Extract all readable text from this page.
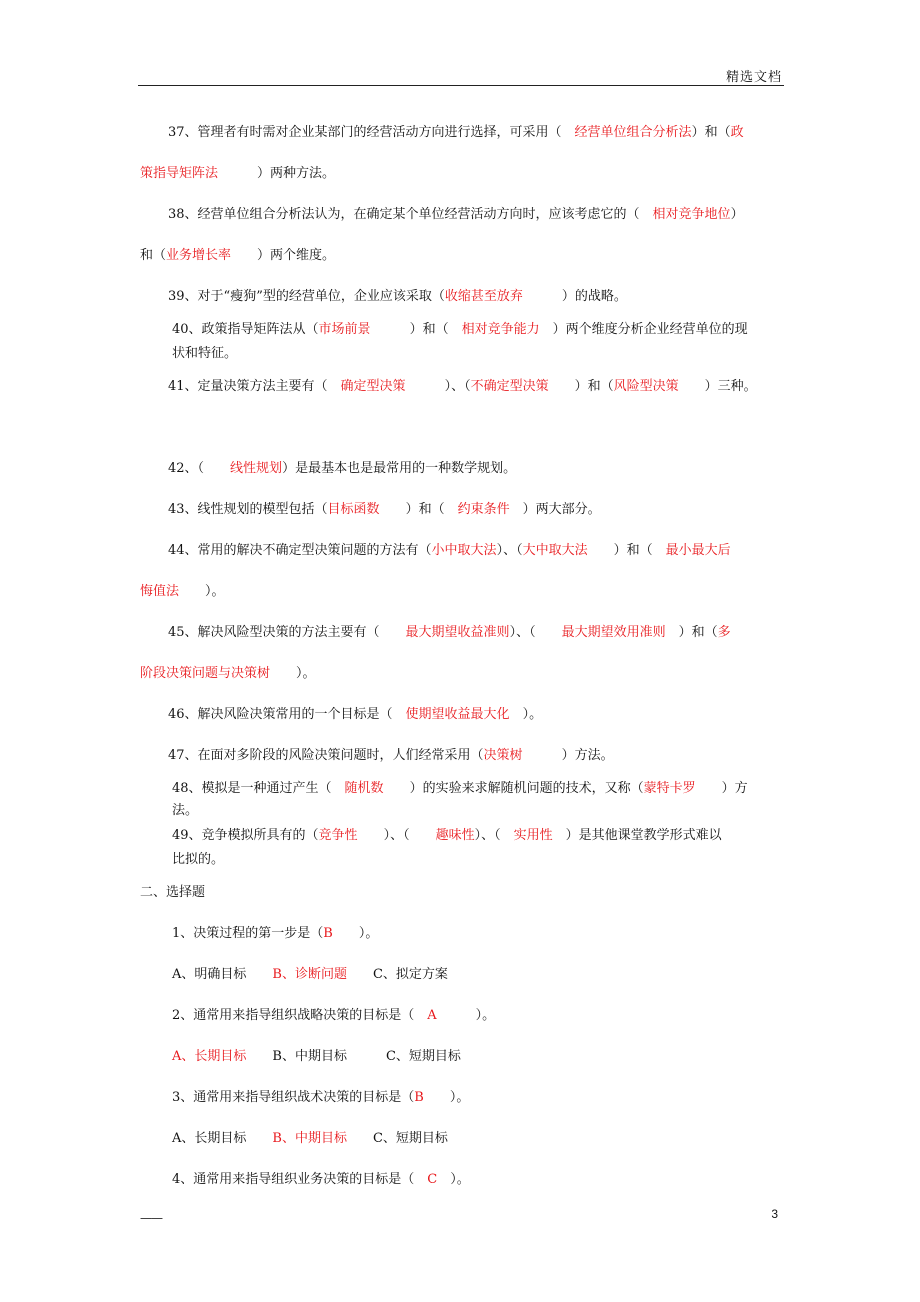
精选文档
37、管理者有时需对企业某部门的经营活动方向进行选择，可采用（　经营单位组合分析法）和（政
策指导矩阵法　　　）两种方法。
38、经营单位组合分析法认为，在确定某个单位经营活动方向时，应该考虑它的（　相对竞争地位）
和（业务增长率　　）两个维度。
39、对于“瘦狗”型的经营单位，企业应该采取（收缩甚至放弃　　　）的战略。
40、政策指导矩阵法从（市场前景　　　）和（　相对竞争能力　）两个维度分析企业经营单位的现
状和特征。
41、定量决策方法主要有（　确定型决策　　　）、（不确定型决策　　）和（风险型决策　　）三种。
42、（　　线性规划）是最基本也是最常用的一种数学规划。
43、线性规划的模型包括（目标函数　　）和（　约束条件　）两大部分。
44、常用的解决不确定型决策问题的方法有（小中取大法）、（大中取大法　　）和（　最小最大后
悔值法　　）。
45、解决风险型决策的方法主要有（　　最大期望收益准则）、（　　最大期望效用准则　）和（多
阶段决策问题与决策树　　）。
46、解决风险决策常用的一个目标是（　使期望收益最大化　）。
47、在面对多阶段的风险决策问题时，人们经常采用（决策树　　　）方法。
48、模拟是一种通过产生（　随机数　　）的实验来求解随机问题的技术，又称（蒙特卡罗　　）方
法。
49、竞争模拟所具有的（竞争性　　）、（　　趣味性）、（　实用性　）是其他课堂教学形式难以
比拟的。
二、选择题
1、决策过程的第一步是（B　　）。
A、明确目标　　B、诊断问题　　C、拟定方案
2、通常用来指导组织战略决策的目标是（　A　　　）。
A、长期目标　　B、中期目标　　　C、短期目标
3、通常用来指导组织战术决策的目标是（B　　）。
A、长期目标　　B、中期目标　　C、短期目标
4、通常用来指导组织业务决策的目标是（　C　）。
——	3
